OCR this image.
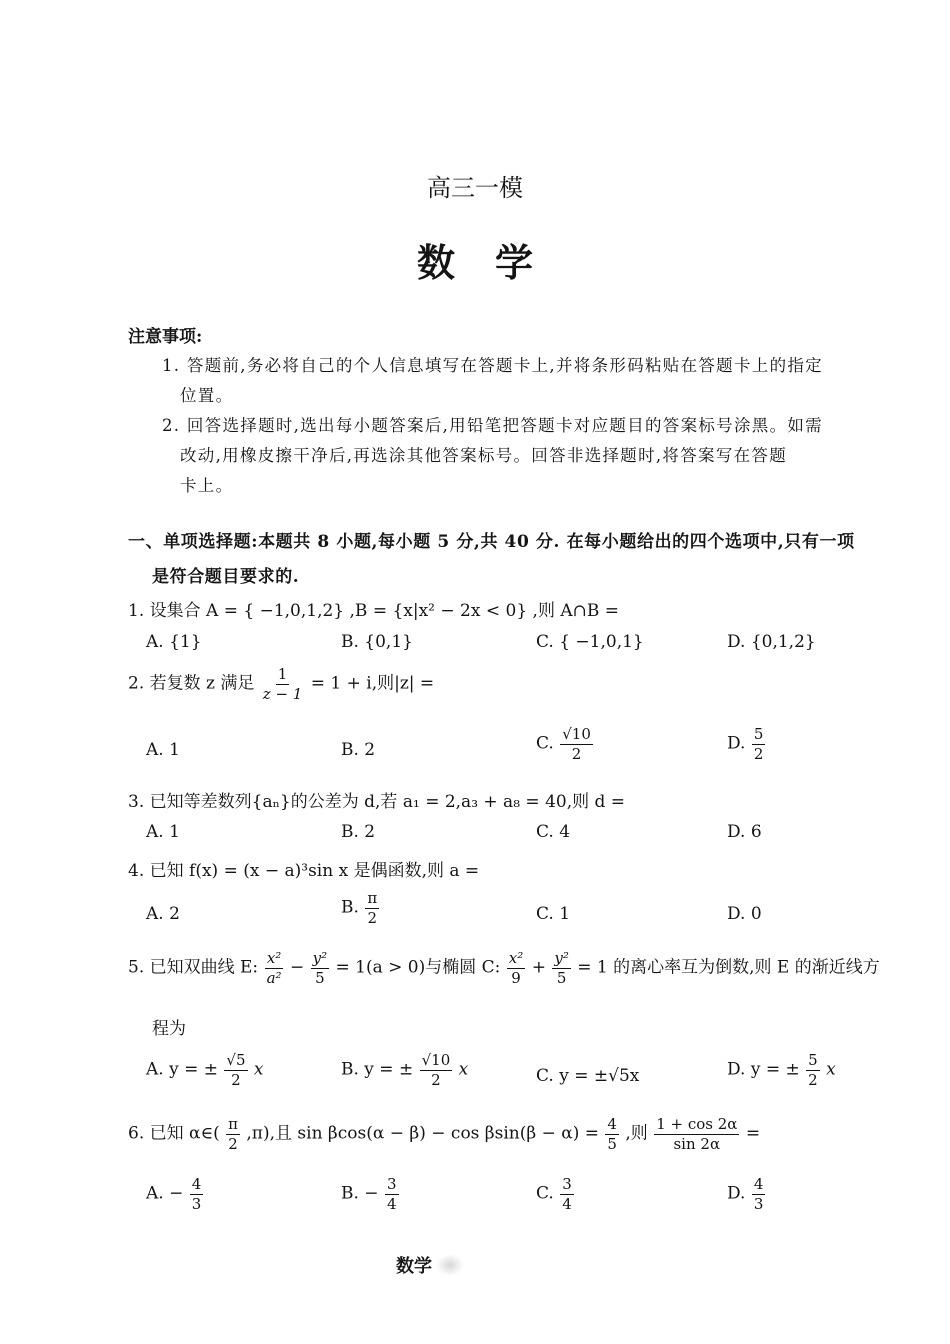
高三一模
数学
注意事项:
1. 答题前,务必将自己的个人信息填写在答题卡上,并将条形码粘贴在答题卡上的指定
位置。
2. 回答选择题时,选出每小题答案后,用铅笔把答题卡对应题目的答案标号涂黑。如需
改动,用橡皮擦干净后,再选涂其他答案标号。回答非选择题时,将答案写在答题
卡上。
一、单项选择题:本题共 8 小题,每小题 5 分,共 40 分. 在每小题给出的四个选项中,只有一项
是符合题目要求的.
1. 设集合 A = { −1,0,1,2} ,B = {x|x² − 2x < 0} ,则 A∩B =
A. {1}	B. {0,1}	C. { −1,0,1}	D. {0,1,2}
2. 若复数 z 满足 $\frac{1}{z - 1} = 1 + i$,则|z| =
A. 1	B. 2	C. $\frac{√10}{2}$	D. $\frac{5}{2}$
3. 已知等差数列{aₙ}的公差为 d,若 a₁ = 2,a₃ + a₈ = 40,则 d =
A. 1	B. 2	C. 4	D. 6
4. 已知 f(x) = (x − a)³sin x 是偶函数,则 a =
A. 2	B. $\frac{\pi}{2}$	C. 1	D. 0
5. 已知双曲线 E: $\frac{\text{x²}}{\text{a²}} - \frac{\text{y²}}{5} = 1(a > 0)$与椭圆 C: $\frac{\text{x²}}{9} + \frac{\text{y²}}{5} = 1$ 的离心率互为倒数,则 E 的渐近线方
程为
A. y = ± $\frac{√5}{2}$ x	B. y = ± $\frac{√10}{2}$ x	C. y = ±√5x	D. y = ± $\frac{5}{2}$ x
6. 已知 α∈( $\frac{\pi}{2} ,\pi$),且 $\sin \beta\cos(\alpha - \beta) - \cos \beta\sin(\beta - \alpha) = \frac{4}{5}$ ,则 $\frac{1 + \cos 2\alpha}{\sin 2\alpha}$ =
A. − $\frac{4}{3}$	B. − $\frac{3}{4}$	C. $\frac{3}{4}$	D. $\frac{4}{3}$
数学
